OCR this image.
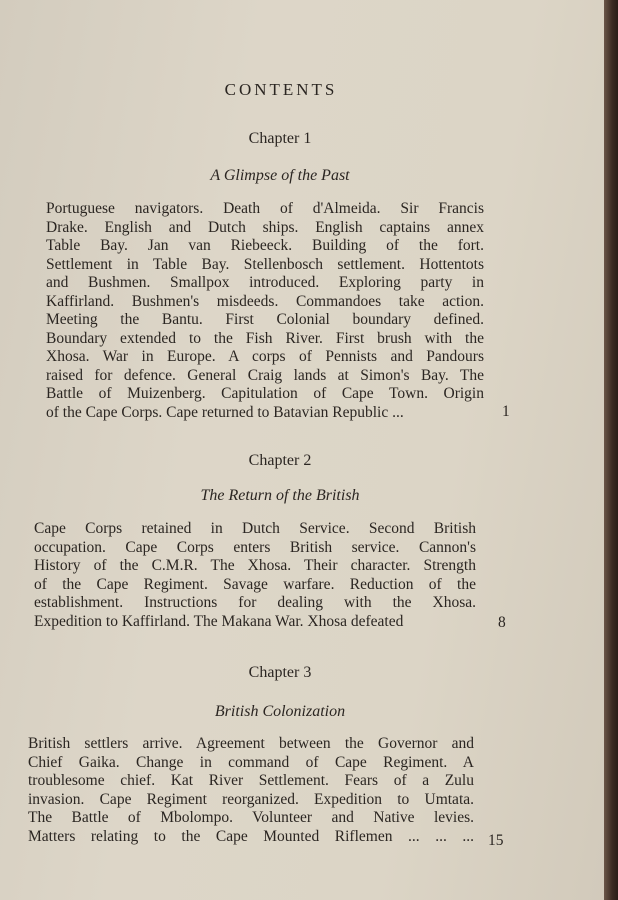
CONTENTS
Chapter 1
A Glimpse of the Past
Portuguese navigators. Death of d'Almeida. Sir Francis
Drake. English and Dutch ships. English captains annex
Table Bay. Jan van Riebeeck. Building of the fort.
Settlement in Table Bay. Stellenbosch settlement. Hottentots
and Bushmen. Smallpox introduced. Exploring party in
Kaffirland. Bushmen's misdeeds. Commandoes take action.
Meeting the Bantu. First Colonial boundary defined.
Boundary extended to the Fish River. First brush with the
Xhosa. War in Europe. A corps of Pennists and Pandours
raised for defence. General Craig lands at Simon's Bay. The
Battle of Muizenberg. Capitulation of Cape Town. Origin
of the Cape Corps. Cape returned to Batavian Republic ...	1
Chapter 2
The Return of the British
Cape Corps retained in Dutch Service. Second British
occupation. Cape Corps enters British service. Cannon's
History of the C.M.R. The Xhosa. Their character. Strength
of the Cape Regiment. Savage warfare. Reduction of the
establishment. Instructions for dealing with the Xhosa.
Expedition to Kaffirland. The Makana War. Xhosa defeated	8
Chapter 3
British Colonization
British settlers arrive. Agreement between the Governor and
Chief Gaika. Change in command of Cape Regiment. A
troublesome chief. Kat River Settlement. Fears of a Zulu
invasion. Cape Regiment reorganized. Expedition to Umtata.
The Battle of Mbolompo. Volunteer and Native levies.
Matters relating to the Cape Mounted Riflemen ... ... ... 15
